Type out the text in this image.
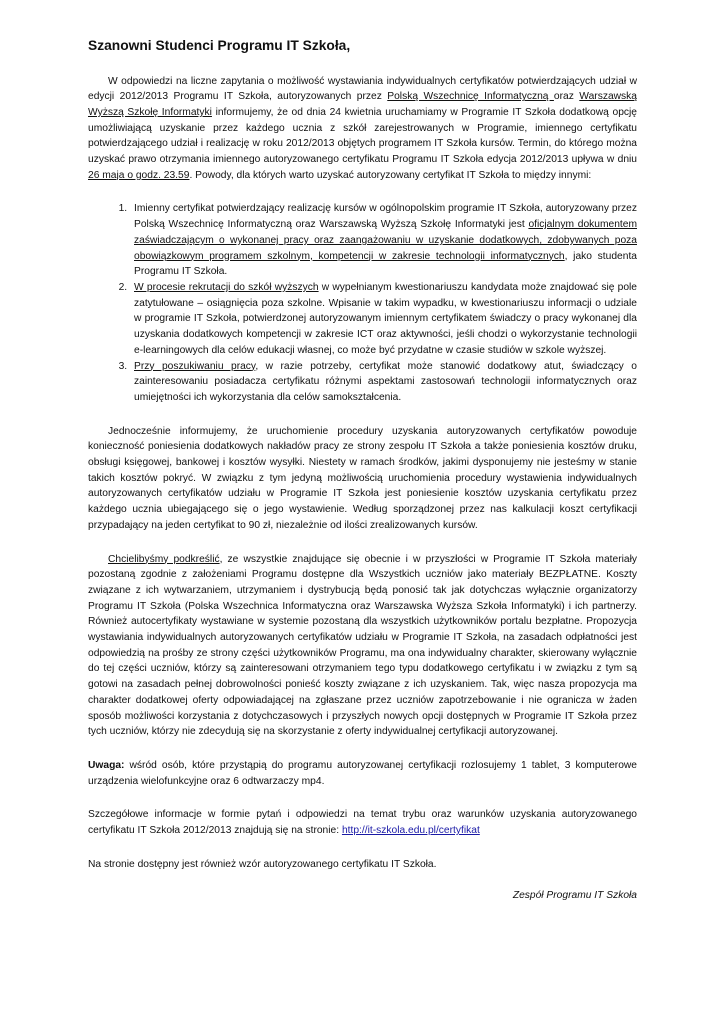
Szanowni Studenci Programu IT Szkoła,

W odpowiedzi na liczne zapytania o możliwość wystawiania indywidualnych certyfikatów potwierdzających udział w edycji 2012/2013 Programu IT Szkoła, autoryzowanych przez Polską Wszechnicę Informatyczną oraz Warszawską Wyższą Szkołę Informatyki informujemy, że od dnia 24 kwietnia uruchamiamy w Programie IT Szkoła dodatkową opcję umożliwiającą uzyskanie przez każdego ucznia z szkół zarejestrowanych w Programie, imiennego certyfikatu potwierdzającego udział i realizację w roku 2012/2013 objętych programem IT Szkoła kursów. Termin, do którego można uzyskać prawo otrzymania imiennego autoryzowanego certyfikatu Programu IT Szkoła edycja 2012/2013 upływa w dniu 26 maja o godz. 23.59. Powody, dla których warto uzyskać autoryzowany certyfikat IT Szkoła to między innymi:

1. Imienny certyfikat potwierdzający realizację kursów w ogólnopolskim programie IT Szkoła, autoryzowany przez Polską Wszechnicę Informatyczną oraz Warszawską Wyższą Szkołę Informatyki jest oficjalnym dokumentem zaświadczającym o wykonanej pracy oraz zaangażowaniu w uzyskanie dodatkowych, zdobywanych poza obowiązkowym programem szkolnym, kompetencji w zakresie technologii informatycznych, jako studenta Programu IT Szkoła.
2. W procesie rekrutacji do szkół wyższych w wypełnianym kwestionariuszu kandydata może znajdować się pole zatytułowane – osiągnięcia poza szkolne. Wpisanie w takim wypadku, w kwestionariuszu informacji o udziale w programie IT Szkoła, potwierdzonej autoryzowanym imiennym certyfikatem świadczy o pracy wykonanej dla uzyskania dodatkowych kompetencji w zakresie ICT oraz aktywności, jeśli chodzi o wykorzystanie technologii e-learningowych dla celów edukacji własnej, co może być przydatne w czasie studiów w szkole wyższej.
3. Przy poszukiwaniu pracy, w razie potrzeby, certyfikat może stanowić dodatkowy atut, świadczący o zainteresowaniu posiadacza certyfikatu różnymi aspektami zastosowań technologii informatycznych oraz umiejętności ich wykorzystania dla celów samokształcenia.

Jednocześnie informujemy, że uruchomienie procedury uzyskania autoryzowanych certyfikatów powoduje konieczność poniesienia dodatkowych nakładów pracy ze strony zespołu IT Szkoła a także poniesienia kosztów druku, obsługi księgowej, bankowej i kosztów wysyłki. Niestety w ramach środków, jakimi dysponujemy nie jesteśmy w stanie takich kosztów pokryć. W związku z tym jedyną możliwością uruchomienia procedury wystawienia indywidualnych autoryzowanych certyfikatów udziału w Programie IT Szkoła jest poniesienie kosztów uzyskania certyfikatu przez każdego ucznia ubiegającego się o jego wystawienie. Według sporządzonej przez nas kalkulacji koszt certyfikacji przypadający na jeden certyfikat to 90 zł, niezależnie od ilości zrealizowanych kursów.

Chcielibyśmy podkreślić, ze wszystkie znajdujące się obecnie i w przyszłości w Programie IT Szkoła materiały pozostaną zgodnie z założeniami Programu dostępne dla Wszystkich uczniów jako materiały BEZPŁATNE. Koszty związane z ich wytwarzaniem, utrzymaniem i dystrybucją będą ponosić tak jak dotychczas wyłącznie organizatorzy Programu IT Szkoła (Polska Wszechnica Informatyczna oraz Warszawska Wyższa Szkoła Informatyki) i ich partnerzy. Również autocertyfikaty wystawiane w systemie pozostaną dla wszystkich użytkowników portalu bezpłatne. Propozycja wystawiania indywidualnych autoryzowanych certyfikatów udziału w Programie IT Szkoła, na zasadach odpłatności jest odpowiedzią na prośby ze strony części użytkowników Programu, ma ona indywidualny charakter, skierowany wyłącznie do tej części uczniów, którzy są zainteresowani otrzymaniem tego typu dodatkowego certyfikatu i w związku z tym są gotowi na zasadach pełnej dobrowolności ponieść koszty związane z ich uzyskaniem. Tak, więc nasza propozycja ma charakter dodatkowej oferty odpowiadającej na zgłaszane przez uczniów zapotrzebowanie i nie ogranicza w żaden sposób możliwości korzystania z dotychczasowych i przyszłych nowych opcji dostępnych w Programie IT Szkoła przez tych uczniów, którzy nie zdecydują się na skorzystanie z oferty indywidualnej certyfikacji autoryzowanej.

Uwaga: wśród osób, które przystąpią do programu autoryzowanej certyfikacji rozlosujemy 1 tablet, 3 komputerowe urządzenia wielofunkcyjne oraz 6 odtwarzaczy mp4.

Szczegółowe informacje w formie pytań i odpowiedzi na temat trybu oraz warunków uzyskania autoryzowanego certyfikatu IT Szkoła 2012/2013 znajdują się na stronie: http://it-szkola.edu.pl/certyfikat

Na stronie dostępny jest również wzór autoryzowanego certyfikatu IT Szkoła.

Zespół Programu IT Szkoła
